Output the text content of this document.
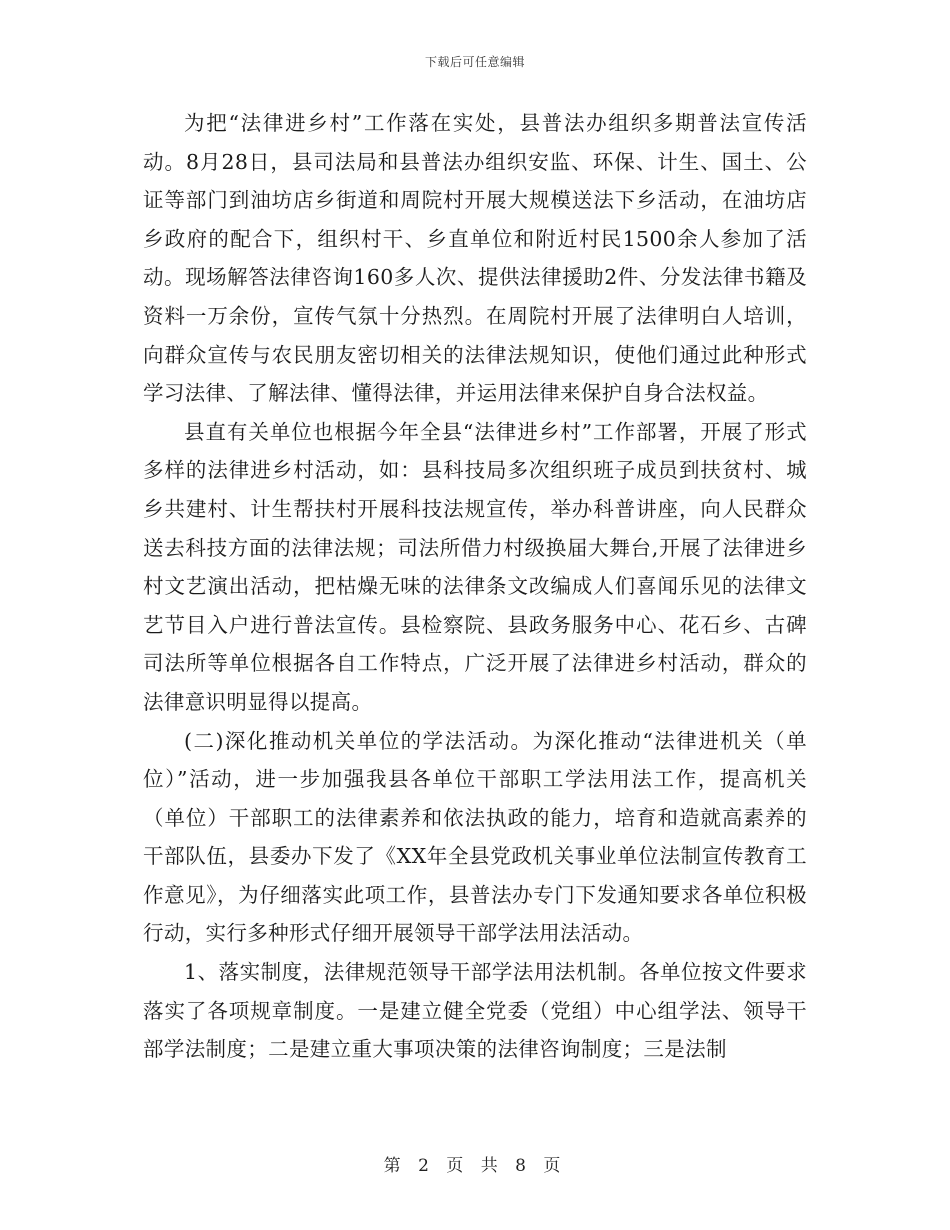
下载后可任意编辑

为把“法律进乡村”工作落在实处，县普法办组织多期普法宣传活动。8月28日，县司法局和县普法办组织安监、环保、计生、国土、公证等部门到油坊店乡街道和周院村开展大规模送法下乡活动，在油坊店乡政府的配合下，组织村干、乡直单位和附近村民1500余人参加了活动。现场解答法律咨询160多人次、提供法律援助2件、分发法律书籍及资料一万余份，宣传气氛十分热烈。在周院村开展了法律明白人培训，向群众宣传与农民朋友密切相关的法律法规知识，使他们通过此种形式学习法律、了解法律、懂得法律，并运用法律来保护自身合法权益。

县直有关单位也根据今年全县“法律进乡村”工作部署，开展了形式多样的法律进乡村活动，如：县科技局多次组织班子成员到扶贫村、城乡共建村、计生帮扶村开展科技法规宣传，举办科普讲座，向人民群众送去科技方面的法律法规；司法所借力村级换届大舞台,开展了法律进乡村文艺演出活动，把枯燥无味的法律条文改编成人们喜闻乐见的法律文艺节目入户进行普法宣传。县检察院、县政务服务中心、花石乡、古碑司法所等单位根据各自工作特点，广泛开展了法律进乡村活动，群众的法律意识明显得以提高。

(二)深化推动机关单位的学法活动。为深化推动“法律进机关（单位）”活动，进一步加强我县各单位干部职工学法用法工作，提高机关（单位）干部职工的法律素养和依法执政的能力，培育和造就高素养的干部队伍，县委办下发了《XX年全县党政机关事业单位法制宣传教育工作意见》，为仔细落实此项工作，县普法办专门下发通知要求各单位积极行动，实行多种形式仔细开展领导干部学法用法活动。

1、落实制度，法律规范领导干部学法用法机制。各单位按文件要求落实了各项规章制度。一是建立健全党委（党组）中心组学法、领导干部学法制度；二是建立重大事项决策的法律咨询制度；三是法制

第 2 页 共 8 页
